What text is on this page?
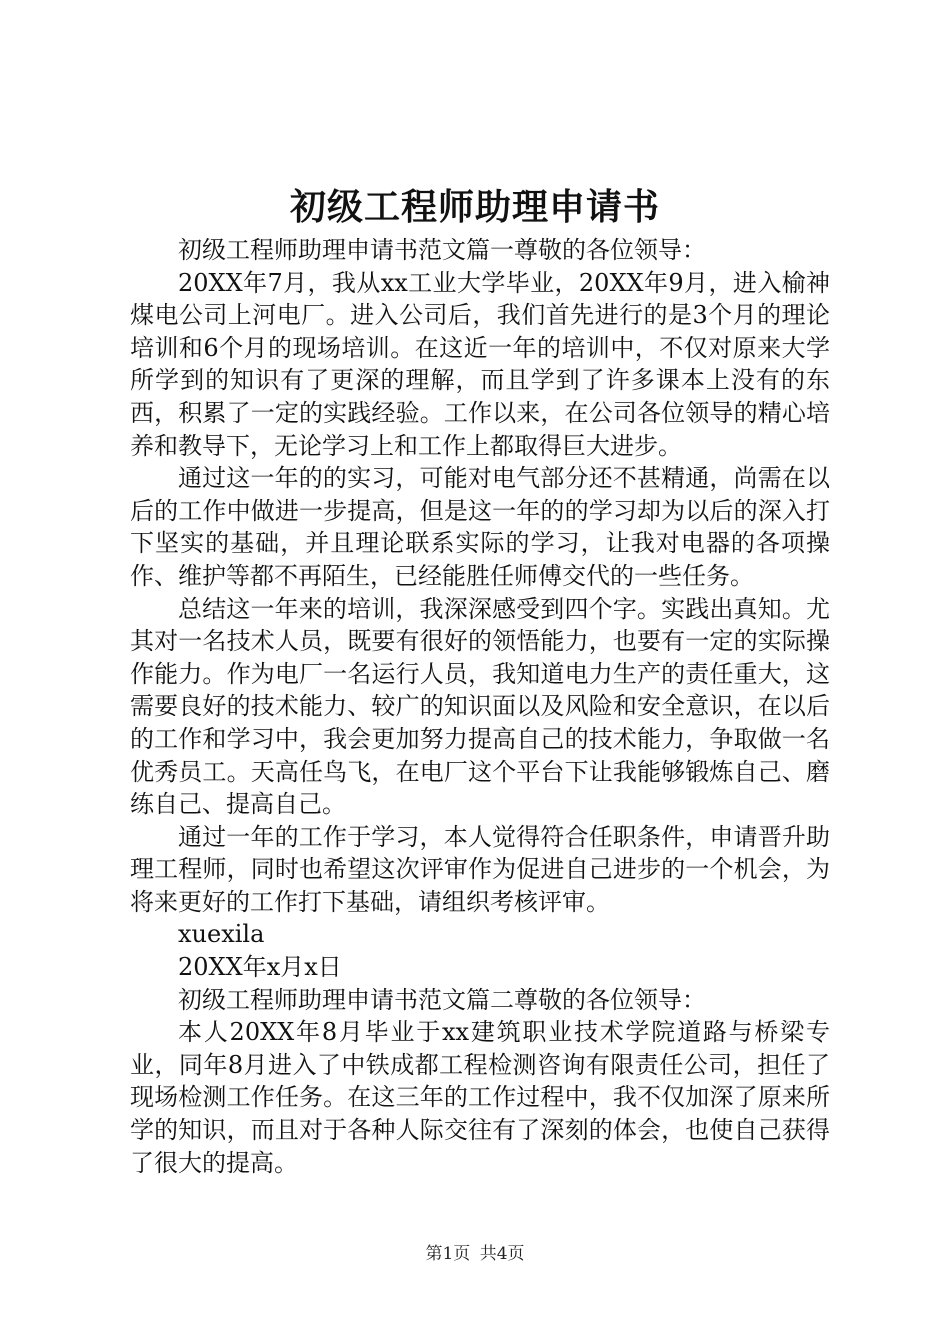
初级工程师助理申请书

初级工程师助理申请书范文篇一尊敬的各位领导：

20XX年7月，我从xx工业大学毕业，20XX年9月，进入榆神煤电公司上河电厂。进入公司后，我们首先进行的是3个月的理论培训和6个月的现场培训。在这近一年的培训中，不仅对原来大学所学到的知识有了更深的理解，而且学到了许多课本上没有的东西，积累了一定的实践经验。工作以来，在公司各位领导的精心培养和教导下，无论学习上和工作上都取得巨大进步。

通过这一年的的实习，可能对电气部分还不甚精通，尚需在以后的工作中做进一步提高，但是这一年的的学习却为以后的深入打下坚实的基础，并且理论联系实际的学习，让我对电器的各项操作、维护等都不再陌生，已经能胜任师傅交代的一些任务。

总结这一年来的培训，我深深感受到四个字。实践出真知。尤其对一名技术人员，既要有很好的领悟能力，也要有一定的实际操作能力。作为电厂一名运行人员，我知道电力生产的责任重大，这需要良好的技术能力、较广的知识面以及风险和安全意识，在以后的工作和学习中，我会更加努力提高自己的技术能力，争取做一名优秀员工。天高任鸟飞，在电厂这个平台下让我能够锻炼自己、磨练自己、提高自己。

通过一年的工作于学习，本人觉得符合任职条件，申请晋升助理工程师，同时也希望这次评审作为促进自己进步的一个机会，为将来更好的工作打下基础，请组织考核评审。

xuexila

20XX年x月x日

初级工程师助理申请书范文篇二尊敬的各位领导：

本人20XX年8月毕业于xx建筑职业技术学院道路与桥梁专业，同年8月进入了中铁成都工程检测咨询有限责任公司，担任了现场检测工作任务。在这三年的工作过程中，我不仅加深了原来所学的知识，而且对于各种人际交往有了深刻的体会，也使自己获得了很大的提高。

第1页 共4页
